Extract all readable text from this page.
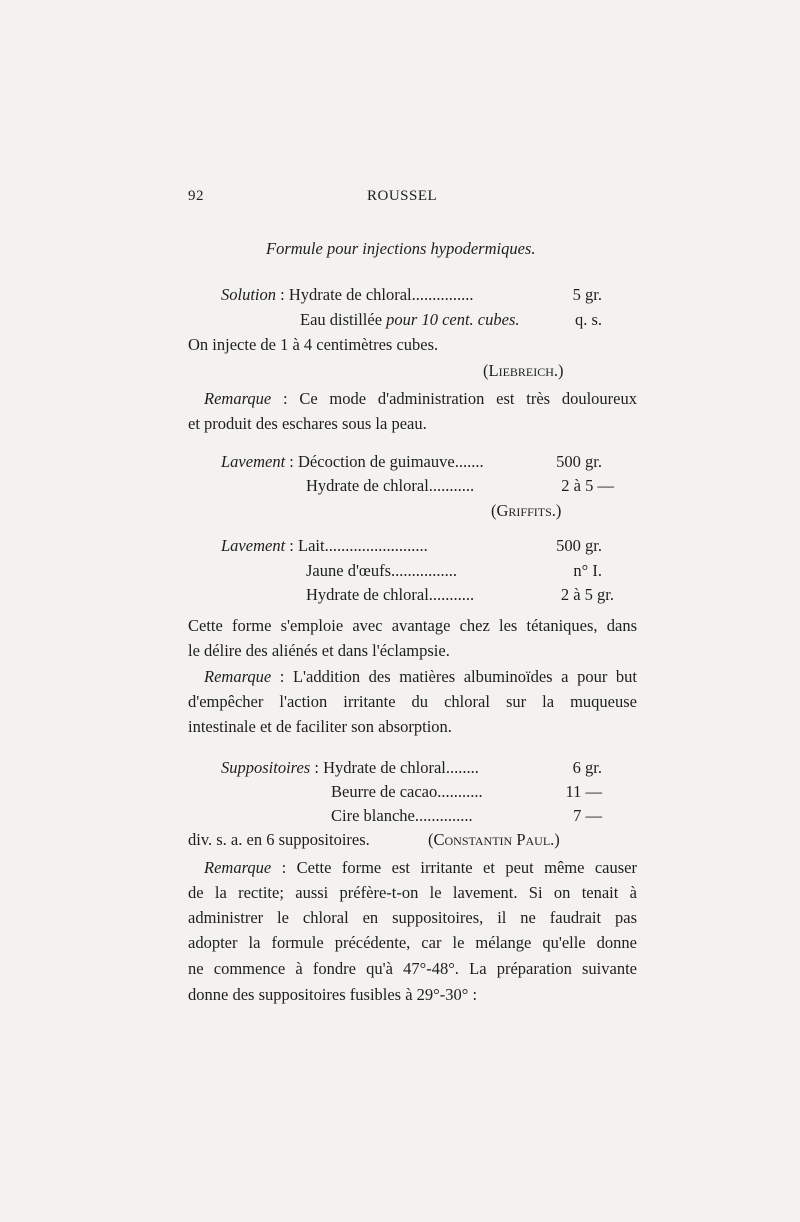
92	ROUSSEL
Formule pour injections hypodermiques.
Solution : Hydrate de chloral...............	5 gr.
Eau distillée pour 10 cent. cubes.	q. s.
On injecte de 1 à 4 centimètres cubes.
(Liebreich.)
Remarque : Ce mode d'administration est très douloureux
et produit des eschares sous la peau.
Lavement : Décoction de guimauve.......	500 gr.
Hydrate de chloral...........	2 à 5 —
(Griffits.)
Lavement : Lait.........................	500 gr.
Jaune d'œufs................	n° I.
Hydrate de chloral...........	2 à 5 gr.
Cette forme s'emploie avec avantage chez les tétaniques, dans
le délire des aliénés et dans l'éclampsie.
Remarque : L'addition des matières albuminoïdes a pour but
d'empêcher l'action irritante du chloral sur la muqueuse
intestinale et de faciliter son absorption.
Suppositoires : Hydrate de chloral........	6 gr.
Beurre de cacao...........	11 —
Cire blanche..............	7 —
div. s. a. en 6 suppositoires.	(Constantin Paul.)
Remarque : Cette forme est irritante et peut même causer
de la rectite; aussi préfère-t-on le lavement. Si on tenait à
administrer le chloral en suppositoires, il ne faudrait pas
adopter la formule précédente, car le mélange qu'elle donne
ne commence à fondre qu'à 47°-48°. La préparation suivante
donne des suppositoires fusibles à 29°-30° :
